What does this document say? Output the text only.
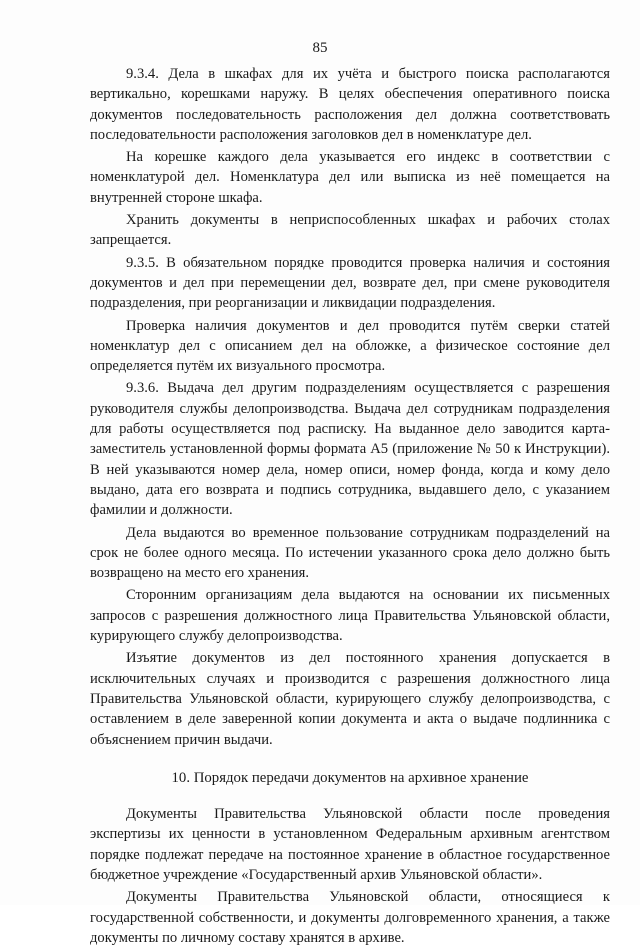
85

9.3.4. Дела в шкафах для их учёта и быстрого поиска располагаются вертикально, корешками наружу. В целях обеспечения оперативного поиска документов последовательность расположения дел должна соответствовать последовательности расположения заголовков дел в номенклатуре дел.

На корешке каждого дела указывается его индекс в соответствии с номенклатурой дел. Номенклатура дел или выписка из неё помещается на внутренней стороне шкафа.

Хранить документы в неприспособленных шкафах и рабочих столах запрещается.

9.3.5. В обязательном порядке проводится проверка наличия и состояния документов и дел при перемещении дел, возврате дел, при смене руководителя подразделения, при реорганизации и ликвидации подразделения.

Проверка наличия документов и дел проводится путём сверки статей номенклатур дел с описанием дел на обложке, а физическое состояние дел определяется путём их визуального просмотра.

9.3.6. Выдача дел другим подразделениям осуществляется с разрешения руководителя службы делопроизводства. Выдача дел сотрудникам подразделения для работы осуществляется под расписку. На выданное дело заводится карта-заместитель установленной формы формата А5 (приложение № 50 к Инструкции). В ней указываются номер дела, номер описи, номер фонда, когда и кому дело выдано, дата его возврата и подпись сотрудника, выдавшего дело, с указанием фамилии и должности.

Дела выдаются во временное пользование сотрудникам подразделений на срок не более одного месяца. По истечении указанного срока дело должно быть возвращено на место его хранения.

Сторонним организациям дела выдаются на основании их письменных запросов с разрешения должностного лица Правительства Ульяновской области, курирующего службу делопроизводства.

Изъятие документов из дел постоянного хранения допускается в исключительных случаях и производится с разрешения должностного лица Правительства Ульяновской области, курирующего службу делопроизводства, с оставлением в деле заверенной копии документа и акта о выдаче подлинника с объяснением причин выдачи.

10. Порядок передачи документов на архивное хранение

Документы Правительства Ульяновской области после проведения экспертизы их ценности в установленном Федеральным архивным агентством порядке подлежат передаче на постоянное хранение в областное государственное бюджетное учреждение «Государственный архив Ульяновской области».

Документы Правительства Ульяновской области, относящиеся к государственной собственности, и документы долговременного хранения, а также документы по личному составу хранятся в архиве.
